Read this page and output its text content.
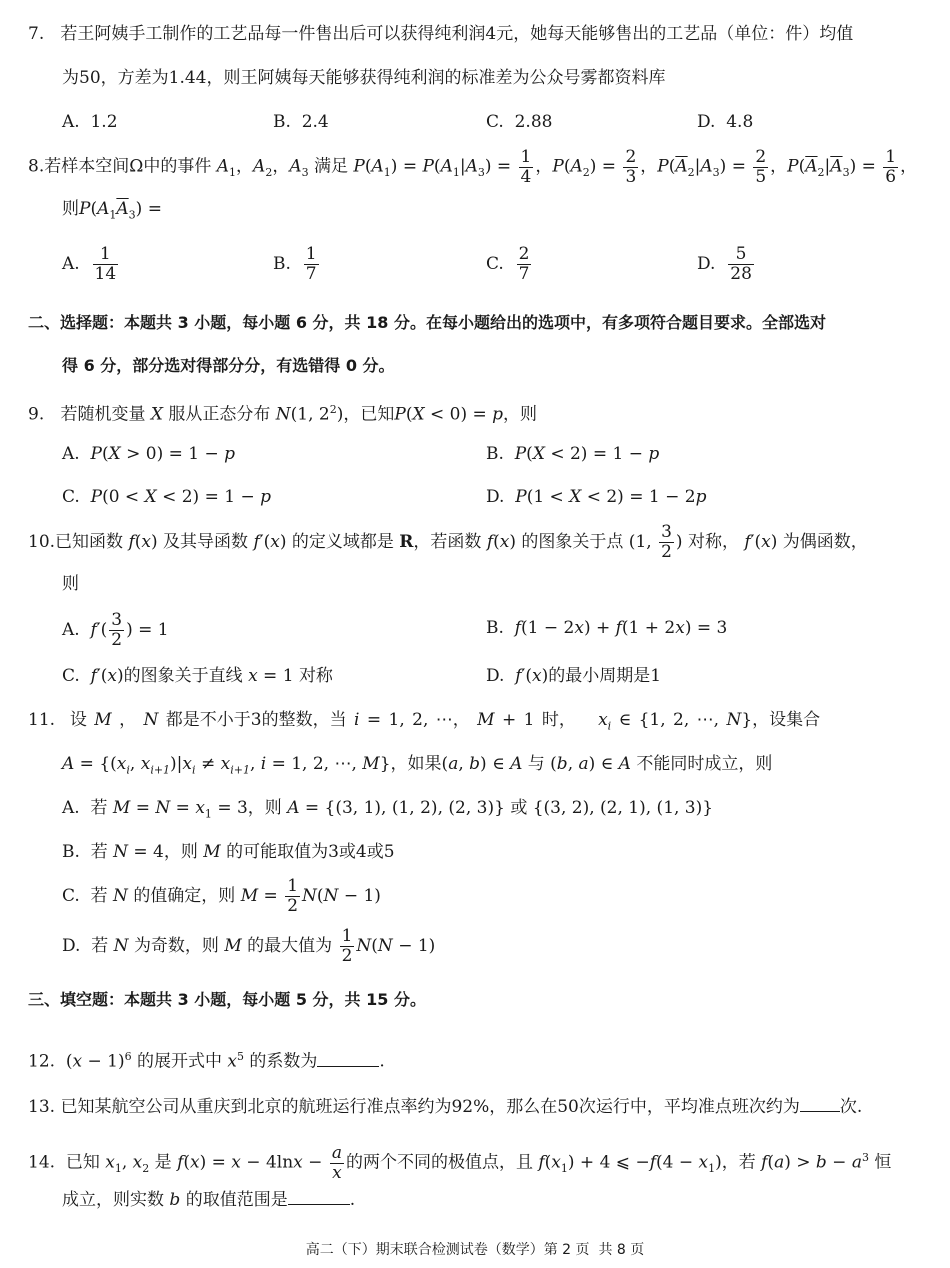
7.   若王阿姨手工制作的工艺品每一件售出后可以获得纯利润4元，她每天能够售出的工艺品（单位：件）均值
为50，方差为1.44，则王阿姨每天能够获得纯利润的标准差为公众号雾都资料库
A.  1.2	B.  2.4	C.  2.88	D.  4.8
8.若样本空间Ω中的事件 $A_1$，$A_2$，$A_3$ 满足 $P(A_1) = P(A_1|A_3) = \frac{1}{4}$ ，$P(A_2) = \frac{2}{3}$ ，$P(\overline{A}_2|A_3) = \frac{2}{5}$ ，$P(\overline{A}_2|\overline{A}_3) = \frac{1}{6}$ ，
则$P(A_1\overline{A}_3)$ =
A. $\frac{1}{14}$	B. $\frac{1}{7}$	C. $\frac{2}{7}$	D. $\frac{5}{28}$
二、选择题：本题共 3 小题，每小题 6 分，共 18 分。在每小题给出的选项中，有多项符合题目要求。全部选对
得 6 分，部分选对得部分分，有选错得 0 分。
9. 若随机变量 X 服从正态分布 N(1, $2^2$)，已知P(X < 0) = p，则
A. P(X > 0) = 1 − p	B. P(X < 2) = 1 − p
C. P(0 < X < 2) = 1 − p	D. P(1 < X < 2) = 1 − 2p
10.已知函数 f(x) 及其导函数 f′(x) 的定义域都是 R，若函数 f(x) 的图象关于点 (1, $\frac{3}{2}$ ) 对称， f′(x) 为偶函数，
则
A. $f'( \frac{3}{2}$ ) = 1	B. f(1 − 2x) + f(1 + 2x) = 3
C. f′(x)的图象关于直线 x = 1 对称	D. f′(x)的最小周期是1
11. 设 M ， N 都是不小于3的整数，当 i = 1, 2, ⋯， M + 1 时， $x_i$ ∈ {1, 2, ⋯, N}，设集合
$A = \{(x_i$, $x_{i+1})|x_i \ne x_{i+1}$, i = 1, 2, ⋯, M}，如果(a, b) ∈ A 与 (b, a) ∈ A 不能同时成立，则
A. 若 $M = N = x_1 = 3$，则 A = {(3, 1), (1, 2), (2, 3)} 或 {(3, 2), (2, 1), (1, 3)}
B.  若 N = 4，则 M 的可能取值为3或4或5
C.  若 N 的值确定，则 $M = \frac{1}{2} N(N - 1)$
D.  若 N 为奇数，则 M 的最大值为 $\frac{1}{2} N(N - 1)$
三、填空题：本题共 3 小题，每小题 5 分，共 15 分。
12.  $(x - 1)^6$ 的展开式中 $x^5$ 的系数为	.
13. 已知某航空公司从重庆到北京的航班运行准点率约为92%，那么在50次运行中，平均准点班次约为 次.
14. 已知 $x_1$, $x_2$ 是 $f(x) = x - 4\ln x - \frac{a}{x}$ 的两个不同的极值点，且 $f(x_1) + 4$ ⩽ $-f(4 - x_1)$，若 $f(a) > b - a^3$ 恒
成立，则实数 b 的取值范围是	.
高二（下）期末联合检测试卷（数学）第 2 页  共 8 页
